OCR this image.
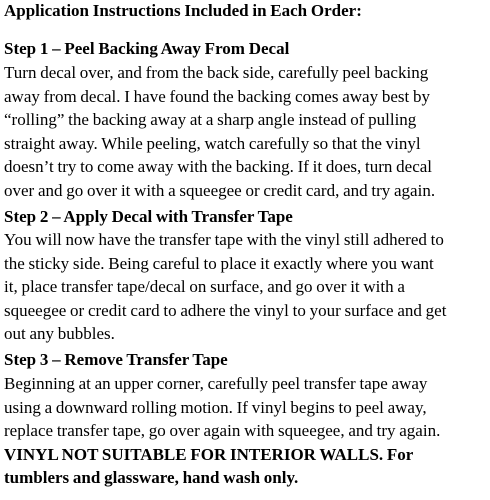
Application Instructions Included in Each Order:
Step 1 – Peel Backing Away From Decal
Turn decal over, and from the back side, carefully peel backing
away from decal. I have found the backing comes away best by
“rolling” the backing away at a sharp angle instead of pulling
straight away. While peeling, watch carefully so that the vinyl
doesn’t try to come away with the backing. If it does, turn decal
over and go over it with a squeegee or credit card, and try again.
Step 2 – Apply Decal with Transfer Tape
You will now have the transfer tape with the vinyl still adhered to
the sticky side. Being careful to place it exactly where you want
it, place transfer tape/decal on surface, and go over it with a
squeegee or credit card to adhere the vinyl to your surface and get
out any bubbles.
Step 3 – Remove Transfer Tape
Beginning at an upper corner, carefully peel transfer tape away
using a downward rolling motion. If vinyl begins to peel away,
replace transfer tape, go over again with squeegee, and try again.
VINYL NOT SUITABLE FOR INTERIOR WALLS. For
tumblers and glassware, hand wash only.
